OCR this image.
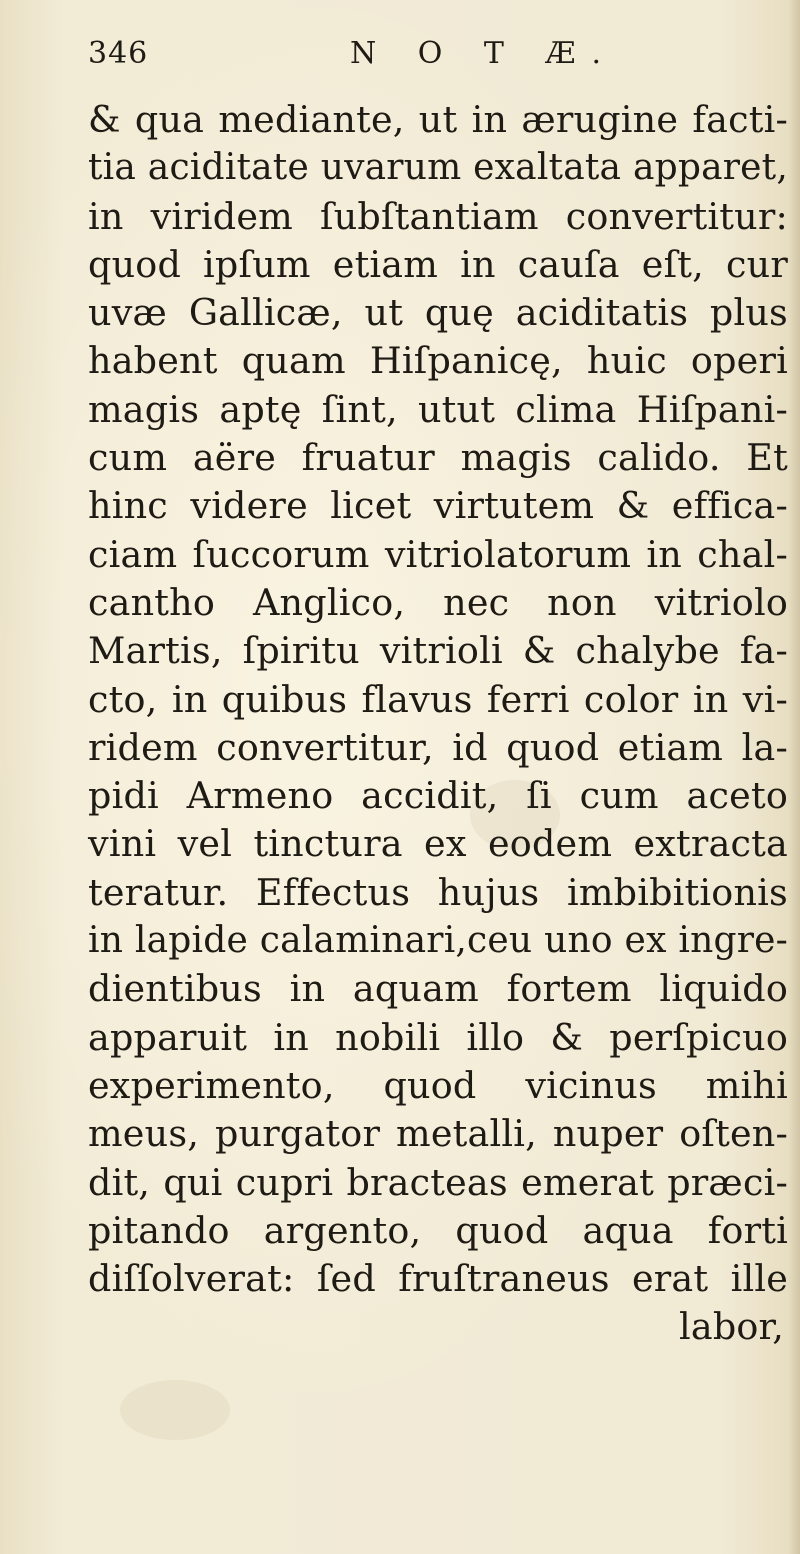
346	N O T Æ.
& qua mediante, ut in ærugine facti-
tia aciditate uvarum exaltata apparet,
in viridem ſubſtantiam convertitur:
quod ipſum etiam in cauſa eſt, cur
uvæ Gallicæ, ut quę aciditatis plus
habent quam Hiſpanicę, huic operi
magis aptę ſint, utut clima Hiſpani-
cum aëre fruatur magis calido. Et
hinc videre licet virtutem & efficа-
ciam ſuccorum vitriolatorum in chal-
cantho Anglico, nec non vitriolo
Martis, ſpiritu vitrioli & chalybe fa-
cto, in quibus flavus ferri color in vi-
ridem convertitur, id quod etiam la-
pidi Armeno accidit, ſi cum aceto
vini vel tinctura ex eodem extracta
teratur. Effectus hujus imbibitionis
in lapide calaminari,ceu uno ex ingre-
dientibus in aquam fortem liquido
apparuit in nobili illo & perſpicuo
experimento, quod vicinus mihi
meus, purgator metalli, nuper oſten-
dit, qui cupri bracteas emerat præci-
pitando argento, quod aqua forti
diſſolverat: ſed fruſtraneus erat ille
labor,
